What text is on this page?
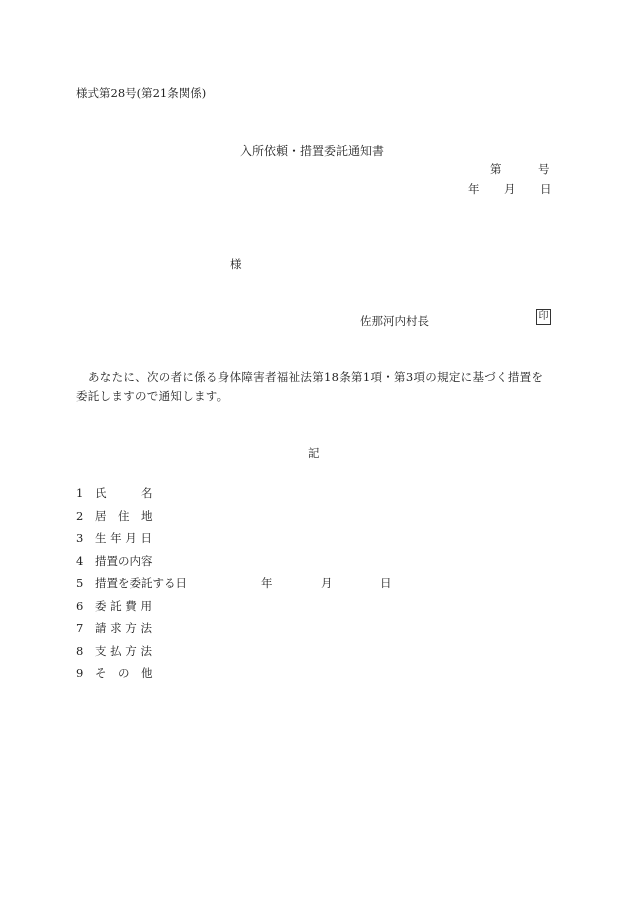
様式第28号(第21条関係)
入所依頼・措置委託通知書
第	号
年 月 日
様
佐那河内村長	印
あなたに、次の者に係る身体障害者福祉法第18条第1項・第3項の規定に基づく措置を委託しますので通知します。
記
1 氏　　　名
2 居　住　地
3 生 年 月 日
4 措置の内容
5 措置を委託する日	年	月	日
6 委 託 費 用
7 請 求 方 法
8 支 払 方 法
9 そ　の　他
